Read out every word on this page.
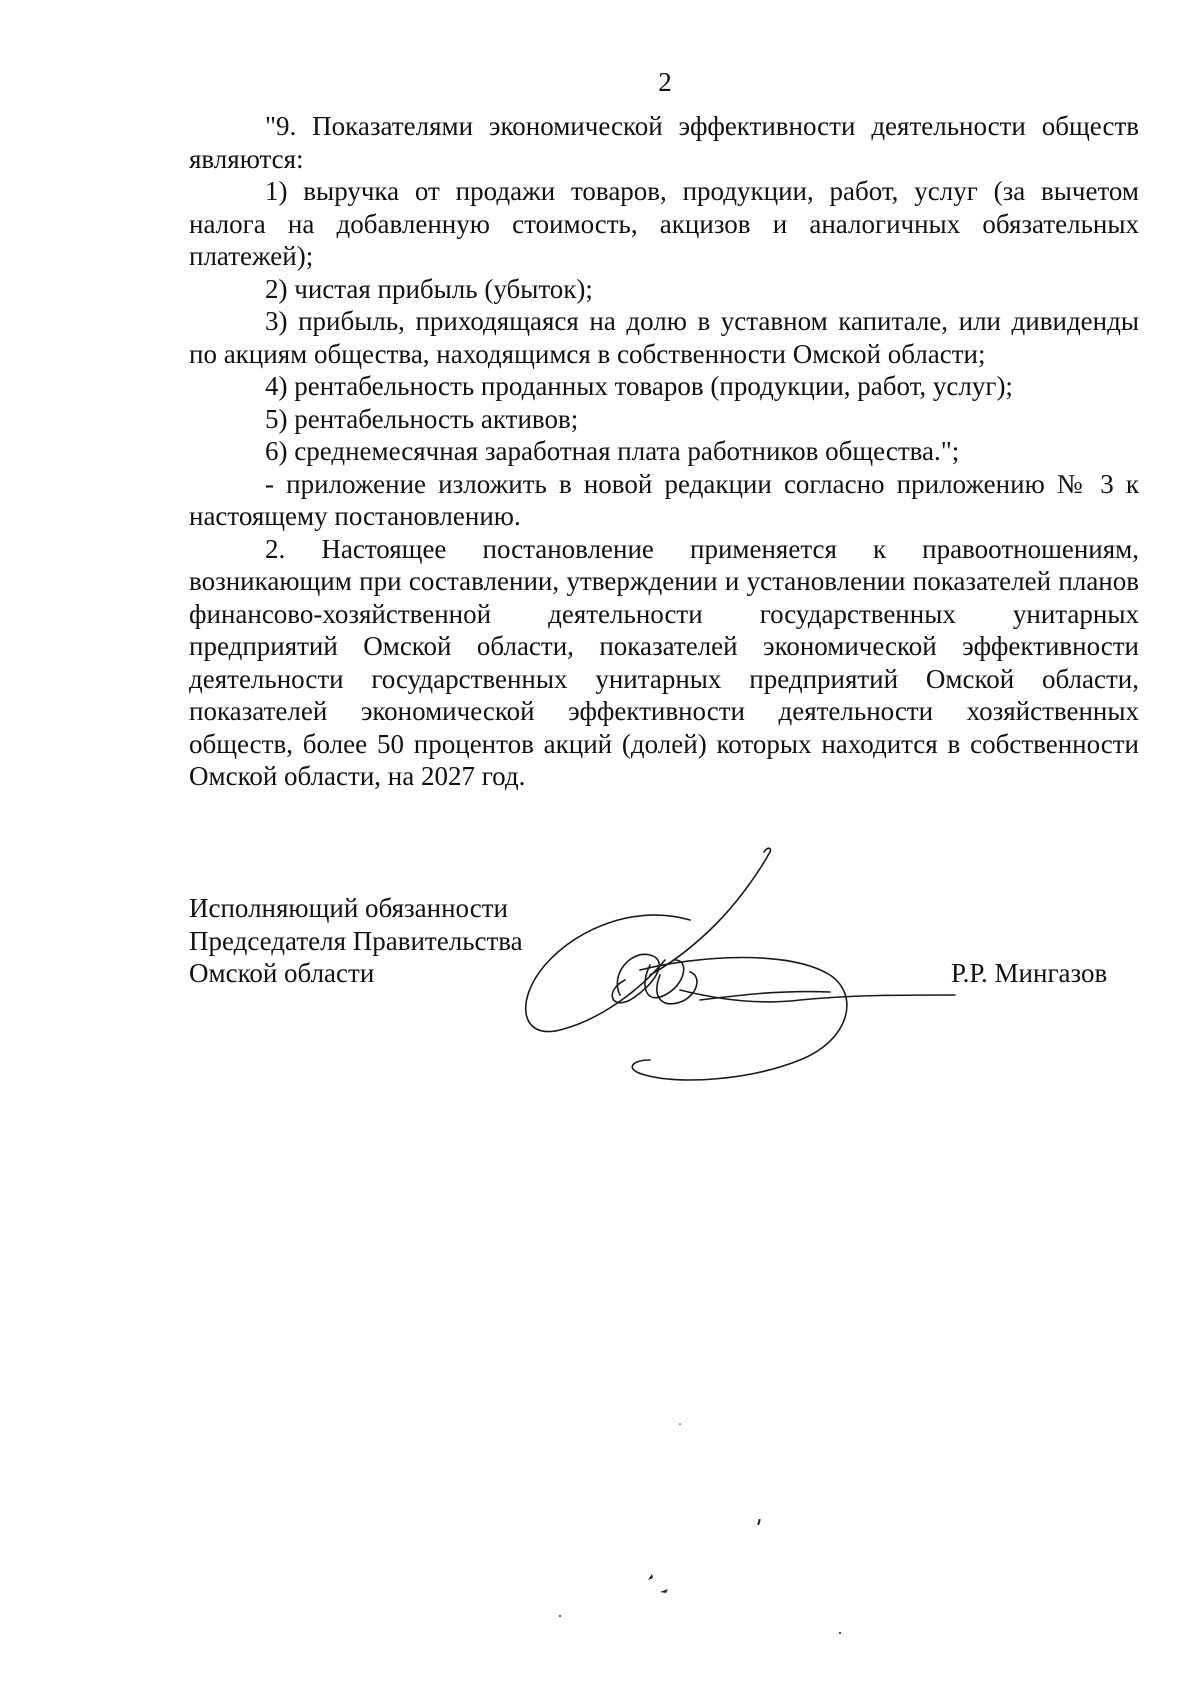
2

"9. Показателями экономической эффективности деятельности обществ являются:

1) выручка от продажи товаров, продукции, работ, услуг (за вычетом налога на добавленную стоимость, акцизов и аналогичных обязательных платежей);

2) чистая прибыль (убыток);

3) прибыль, приходящаяся на долю в уставном капитале, или дивиденды по акциям общества, находящимся в собственности Омской области;

4) рентабельность проданных товаров (продукции, работ, услуг);

5) рентабельность активов;

6) среднемесячная заработная плата работников общества.";

- приложение изложить в новой редакции согласно приложению № 3 к настоящему постановлению.

2. Настоящее постановление применяется к правоотношениям, возникающим при составлении, утверждении и установлении показателей планов финансово-хозяйственной деятельности государственных унитарных предприятий Омской области, показателей экономической эффективности деятельности государственных унитарных предприятий Омской области, показателей экономической эффективности деятельности хозяйственных обществ, более 50 процентов акций (долей) которых находится в собственности Омской области, на 2027 год.

Исполняющий обязанности
Председателя Правительства
Омской области	Р.Р. Мингазов
